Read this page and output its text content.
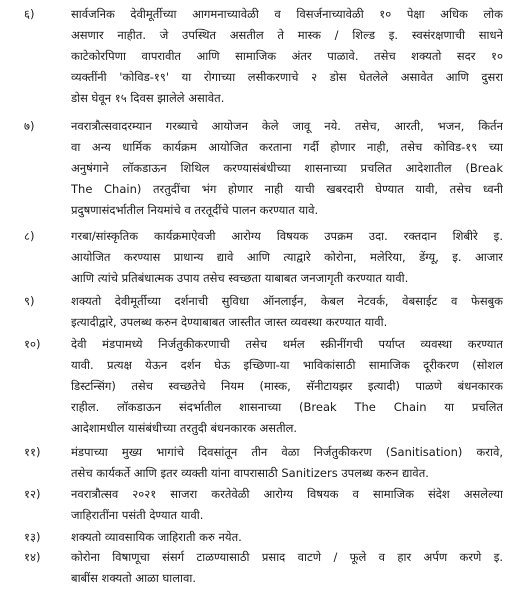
६)	सार्वजनिक देवीमूर्तीच्या आगमनाच्यावेळी व विसर्जनाच्यावेळी १० पेक्षा अधिक लोक
असणार नाहीत. जे उपस्थित असतील ते मास्क / शिल्ड इ. स्वसंरक्षणाची साधने
काटेकोरपिणा वापरावीत आणि सामाजिक अंतर पाळावे. तसेच शक्यतो सदर १०
व्यक्तींनी 'कोविड-१९' या रोगाच्या लसीकरणाचे २ डोस घेतलेले असावेत आणि दुसरा
डोस घेवून १५ दिवस झालेले असावेत.
७)	नवरात्रौत्सवादरम्यान गरब्याचे आयोजन केले जावू नये. तसेच, आरती, भजन, किर्तन
वा अन्य धार्मिक कार्यक्रम आयोजित करताना गर्दी होणार नाही, तसेच कोविड-१९ च्या
अनुषंगाने लॉकडाऊन शिथिल करण्यासंबंधीच्या शासनाच्या प्रचलित आदेशातील (Break
The Chain) तरतुदींचा भंग होणार नाही याची खबरदारी घेण्यात यावी, तसेच ध्वनी
प्रदुषणासंदर्भातील नियमांचे व तरतूदींचे पालन करण्यात यावे.
८)	गरबा/सांस्कृतिक कार्यक्रमाऐवजी आरोग्य विषयक उपक्रम उदा. रक्तदान शिबीरे इ.
आयोजित करण्यास प्राधान्य द्यावे आणि त्याद्वारे कोरोना, मलेरिया, डेंग्यू, इ. आजार
आणि त्यांचे प्रतिबंधात्मक उपाय तसेच स्वच्छता याबाबत जनजागृती करण्यात यावी.
९)	शक्यतो देवीमूर्तीच्या दर्शनाची सुविधा ऑनलाईन, केबल नेटवर्क, वेबसाईट व फेसबुक
इत्यादीद्वारे, उपलब्ध करुन देण्याबाबत जास्तीत जास्त व्यवस्था करण्यात यावी.
१०)	देवी मंडपामध्ये निर्जतुकीकरणाची तसेच थर्मल स्क्रीनींगची पर्याप्त व्यवस्था करण्यात
यावी. प्रत्यक्ष येऊन दर्शन घेऊ इच्छिणा-या भाविकांसाठी सामाजिक दूरीकरण (सोशल
डिस्टन्सिंग) तसेच स्वच्छतेचे नियम (मास्क, सॅनीटायझर इत्यादी) पाळणे बंधनकारक
राहील. लॉकडाऊन संदर्भातील शासनाच्या (Break The Chain या प्रचलित
आदेशामधील यासंबंधीच्या तरतुदी बंधनकारक असतील.
११)	मंडपाच्या मुख्य भागांचे दिवसांतून तीन वेळा निर्जतुकीकरण (Sanitisation) करावे,
तसेच कार्यकर्ते आणि इतर व्यक्ती यांना वापरासाठी Sanitizers उपलब्ध करुन द्यावेत.
१२)	नवरात्रौत्सव २०२१ साजरा करतेवेळी आरोग्य विषयक व सामाजिक संदेश असलेल्या
जाहिरातींना पसंती देण्यात यावी.
१३)	शक्यतो व्यावसायिक जाहिराती करु नयेत.
१४)	कोरोना विषाणूचा संसर्ग टाळण्यासाठी प्रसाद वाटणे / फूले व हार अर्पण करणे इ.
बाबींस शक्यतो आळा घालावा.
